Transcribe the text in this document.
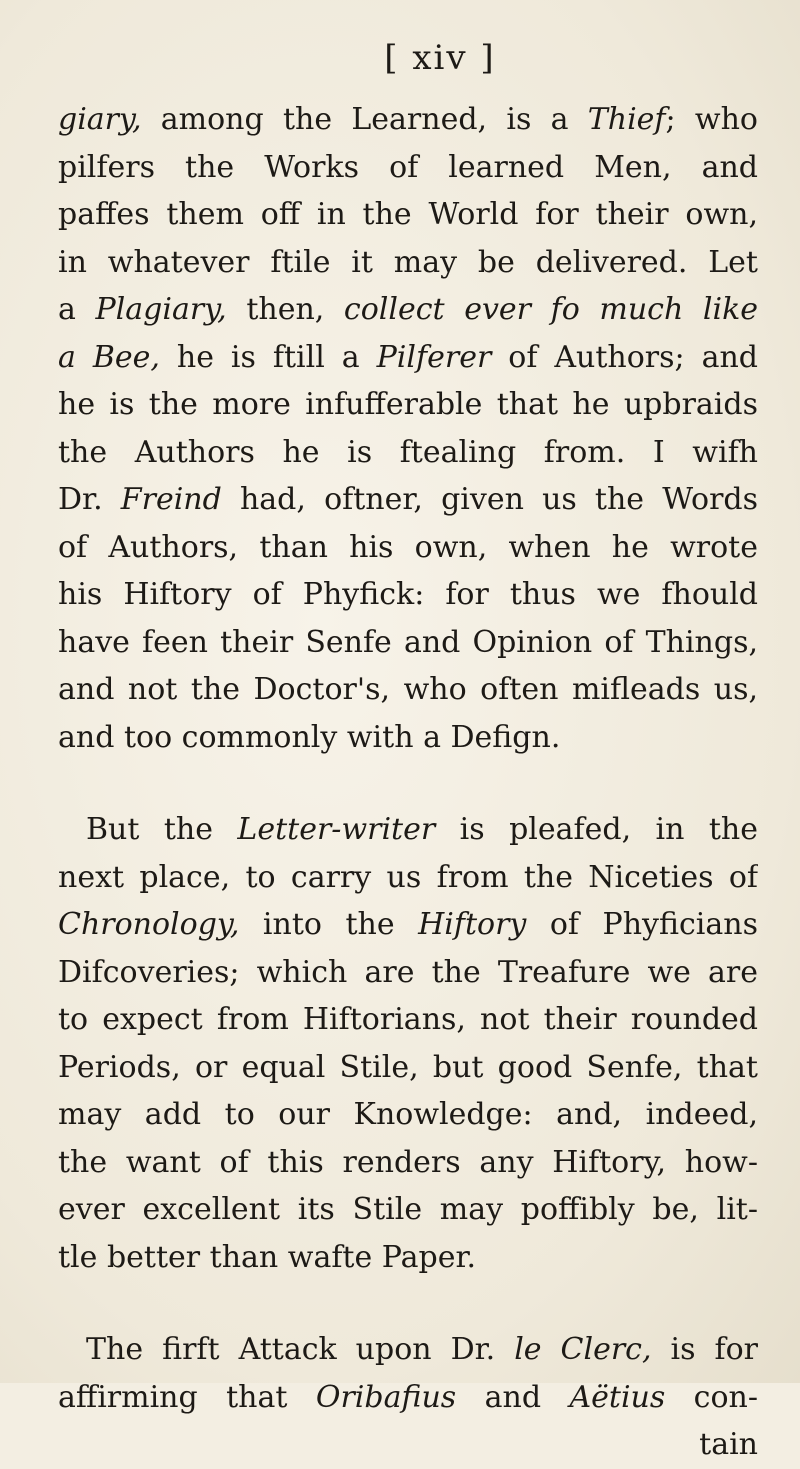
[ xiv ]
giary, among the Learned, is a Thief; who
pilfers the Works of learned Men, and
paffes them off in the World for their own,
in whatever ftile it may be delivered. Let
a Plagiary, then, collect ever fo much like
a Bee, he is ftill a Pilferer of Authors; and
he is the more infufferable that he upbraids
the Authors he is ftealing from. I wifh
Dr. Freind had, oftner, given us the Words
of Authors, than his own, when he wrote
his Hiftory of Phyfick: for thus we fhould
have feen their Senfe and Opinion of Things,
and not the Doctor's, who often mifleads us,
and too commonly with a Defign.
But the Letter-writer is pleafed, in the
next place, to carry us from the Niceties of
Chronology, into the Hiftory of Phyficians
Difcoveries; which are the Treafure we are
to expect from Hiftorians, not their rounded
Periods, or equal Stile, but good Senfe, that
may add to our Knowledge: and, indeed,
the want of this renders any Hiftory, how-
ever excellent its Stile may poffibly be, lit-
tle better than wafte Paper.
The firft Attack upon Dr. le Clerc, is for
affirming that Oribafius and Aëtius con-
tain
